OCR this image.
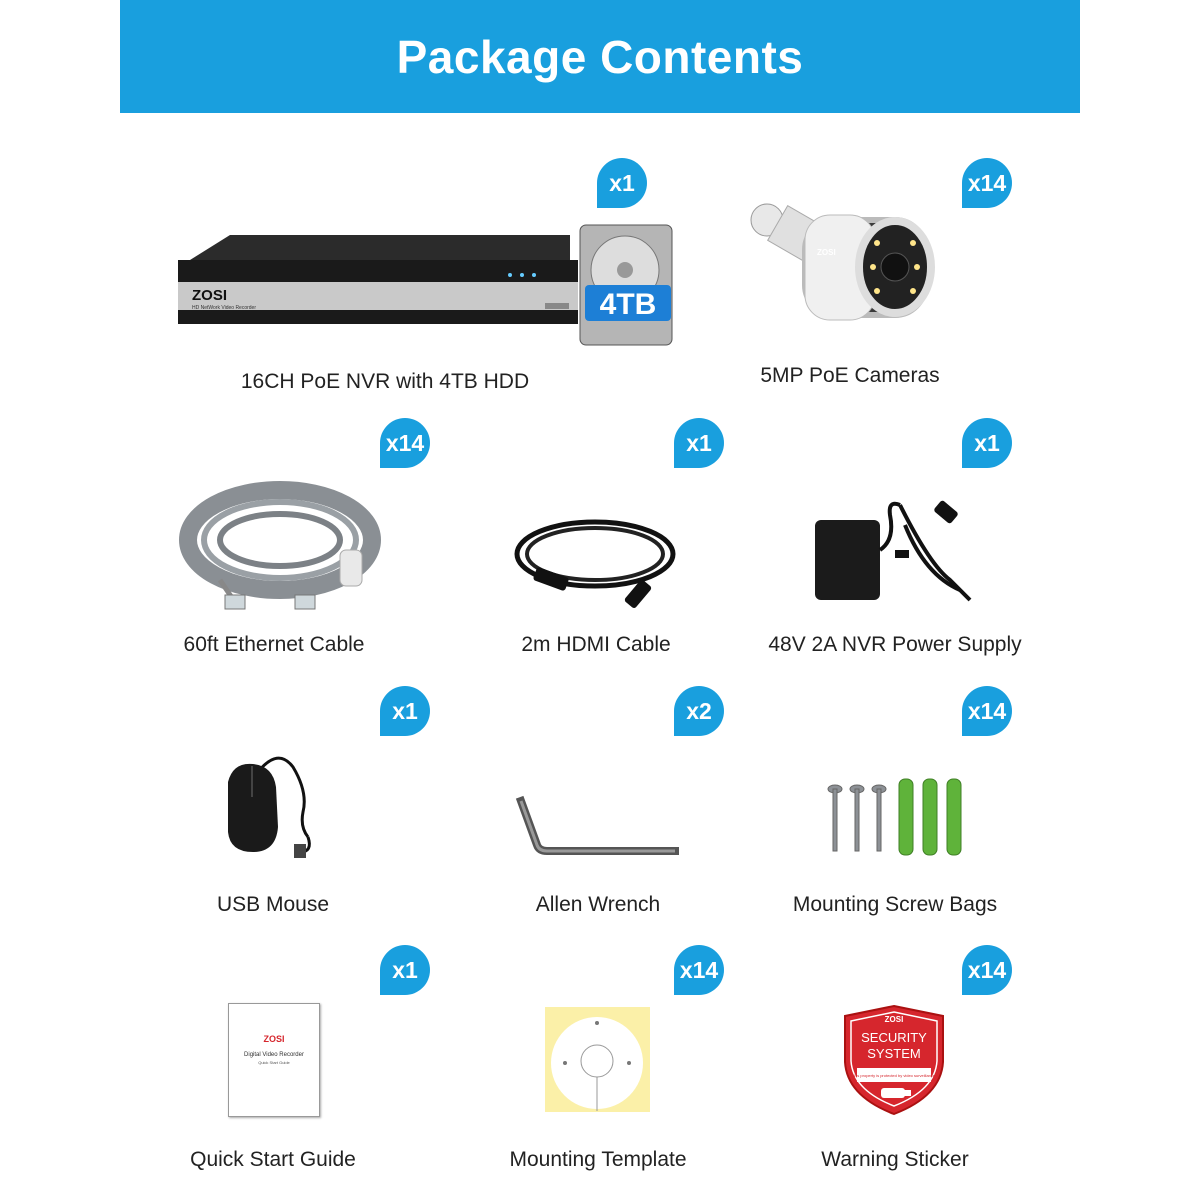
Package Contents
x1
ZOSI
HD NetWork Video Recorder	4TB
16CH PoE NVR with 4TB HDD
x14
ZOSI
5MP PoE Cameras
x14
60ft Ethernet Cable
x1
2m HDMI Cable
x1
48V 2A NVR Power Supply
x1
USB Mouse
x2
Allen Wrench
x14
Mounting Screw Bags
x1
ZOSI
Digital Video Recorder
Quick Start Guide
Quick Start Guide
x14
Mounting Template
x14
ZOSI
SECURITY
SYSTEM
This property is protected by video surveillance.
Warning Sticker
